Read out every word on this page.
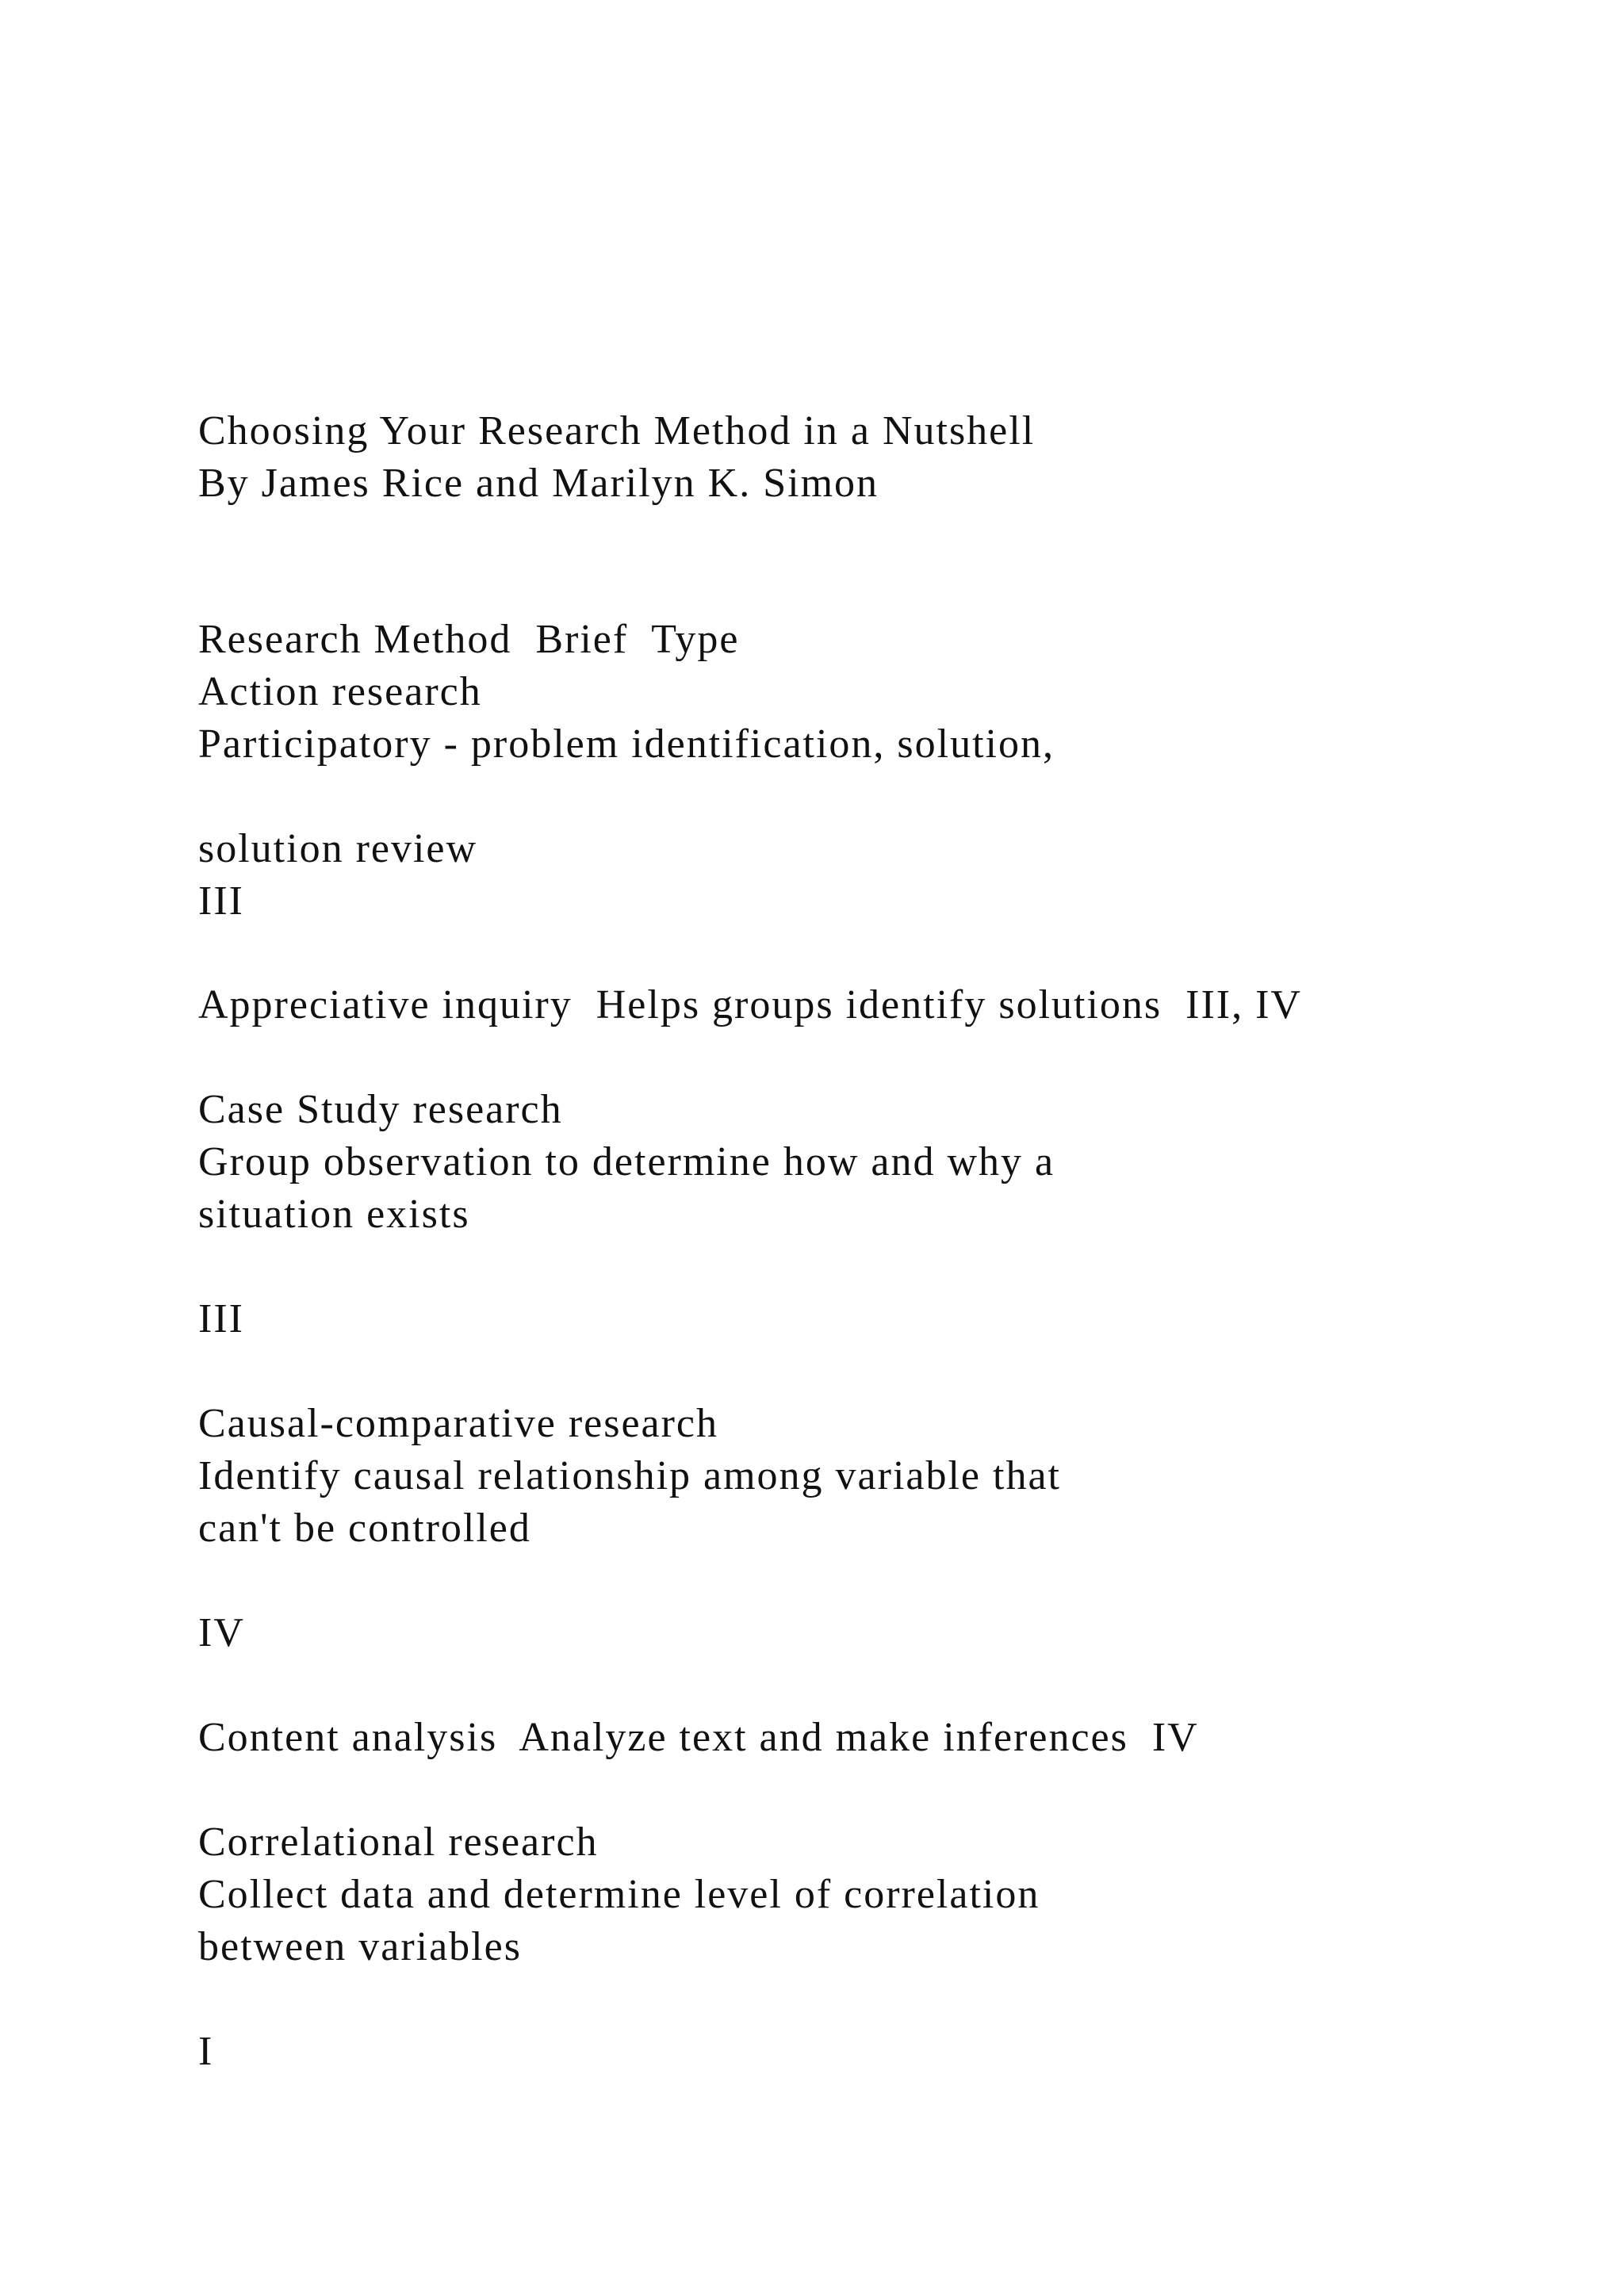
Choosing Your Research Method in a Nutshell
By James Rice and Marilyn K. Simon
Research Method  Brief  Type
Action research
Participatory - problem identification, solution,
solution review
III
Appreciative inquiry  Helps groups identify solutions  III, IV
Case Study research
Group observation to determine how and why a
situation exists
III
Causal-comparative research
Identify causal relationship among variable that
can't be controlled
IV
Content analysis  Analyze text and make inferences  IV
Correlational research
Collect data and determine level of correlation
between variables
I
